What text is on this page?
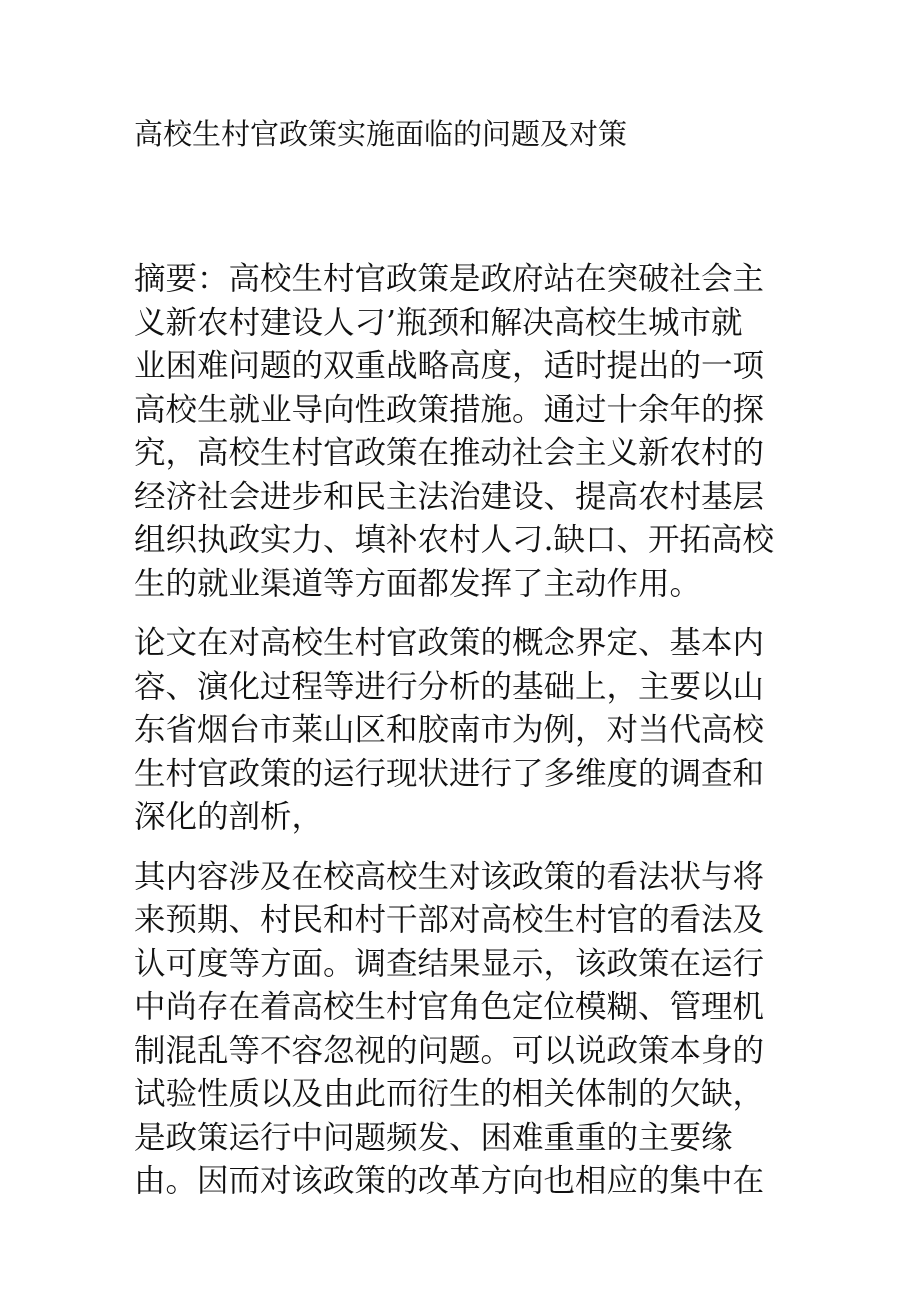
高校生村官政策实施面临的问题及对策
摘要：高校生村官政策是政府站在突破社会主
义新农村建设人刁’瓶颈和解决高校生城市就
业困难问题的双重战略高度，适时提出的一项
高校生就业导向性政策措施。通过十余年的探
究，高校生村官政策在推动社会主义新农村的
经济社会进步和民主法治建设、提高农村基层
组织执政实力、填补农村人刁.缺口、开拓高校
生的就业渠道等方面都发挥了主动作用。
论文在对高校生村官政策的概念界定、基本内
容、演化过程等进行分析的基础上，主要以山
东省烟台市莱山区和胶南市为例，对当代高校
生村官政策的运行现状进行了多维度的调查和
深化的剖析，
其内容涉及在校高校生对该政策的看法状与将
来预期、村民和村干部对高校生村官的看法及
认可度等方面。调查结果显示，该政策在运行
中尚存在着高校生村官角色定位模糊、管理机
制混乱等不容忽视的问题。可以说政策本身的
试验性质以及由此而衍生的相关体制的欠缺，
是政策运行中问题频发、困难重重的主要缘
由。因而对该政策的改革方向也相应的集中在
